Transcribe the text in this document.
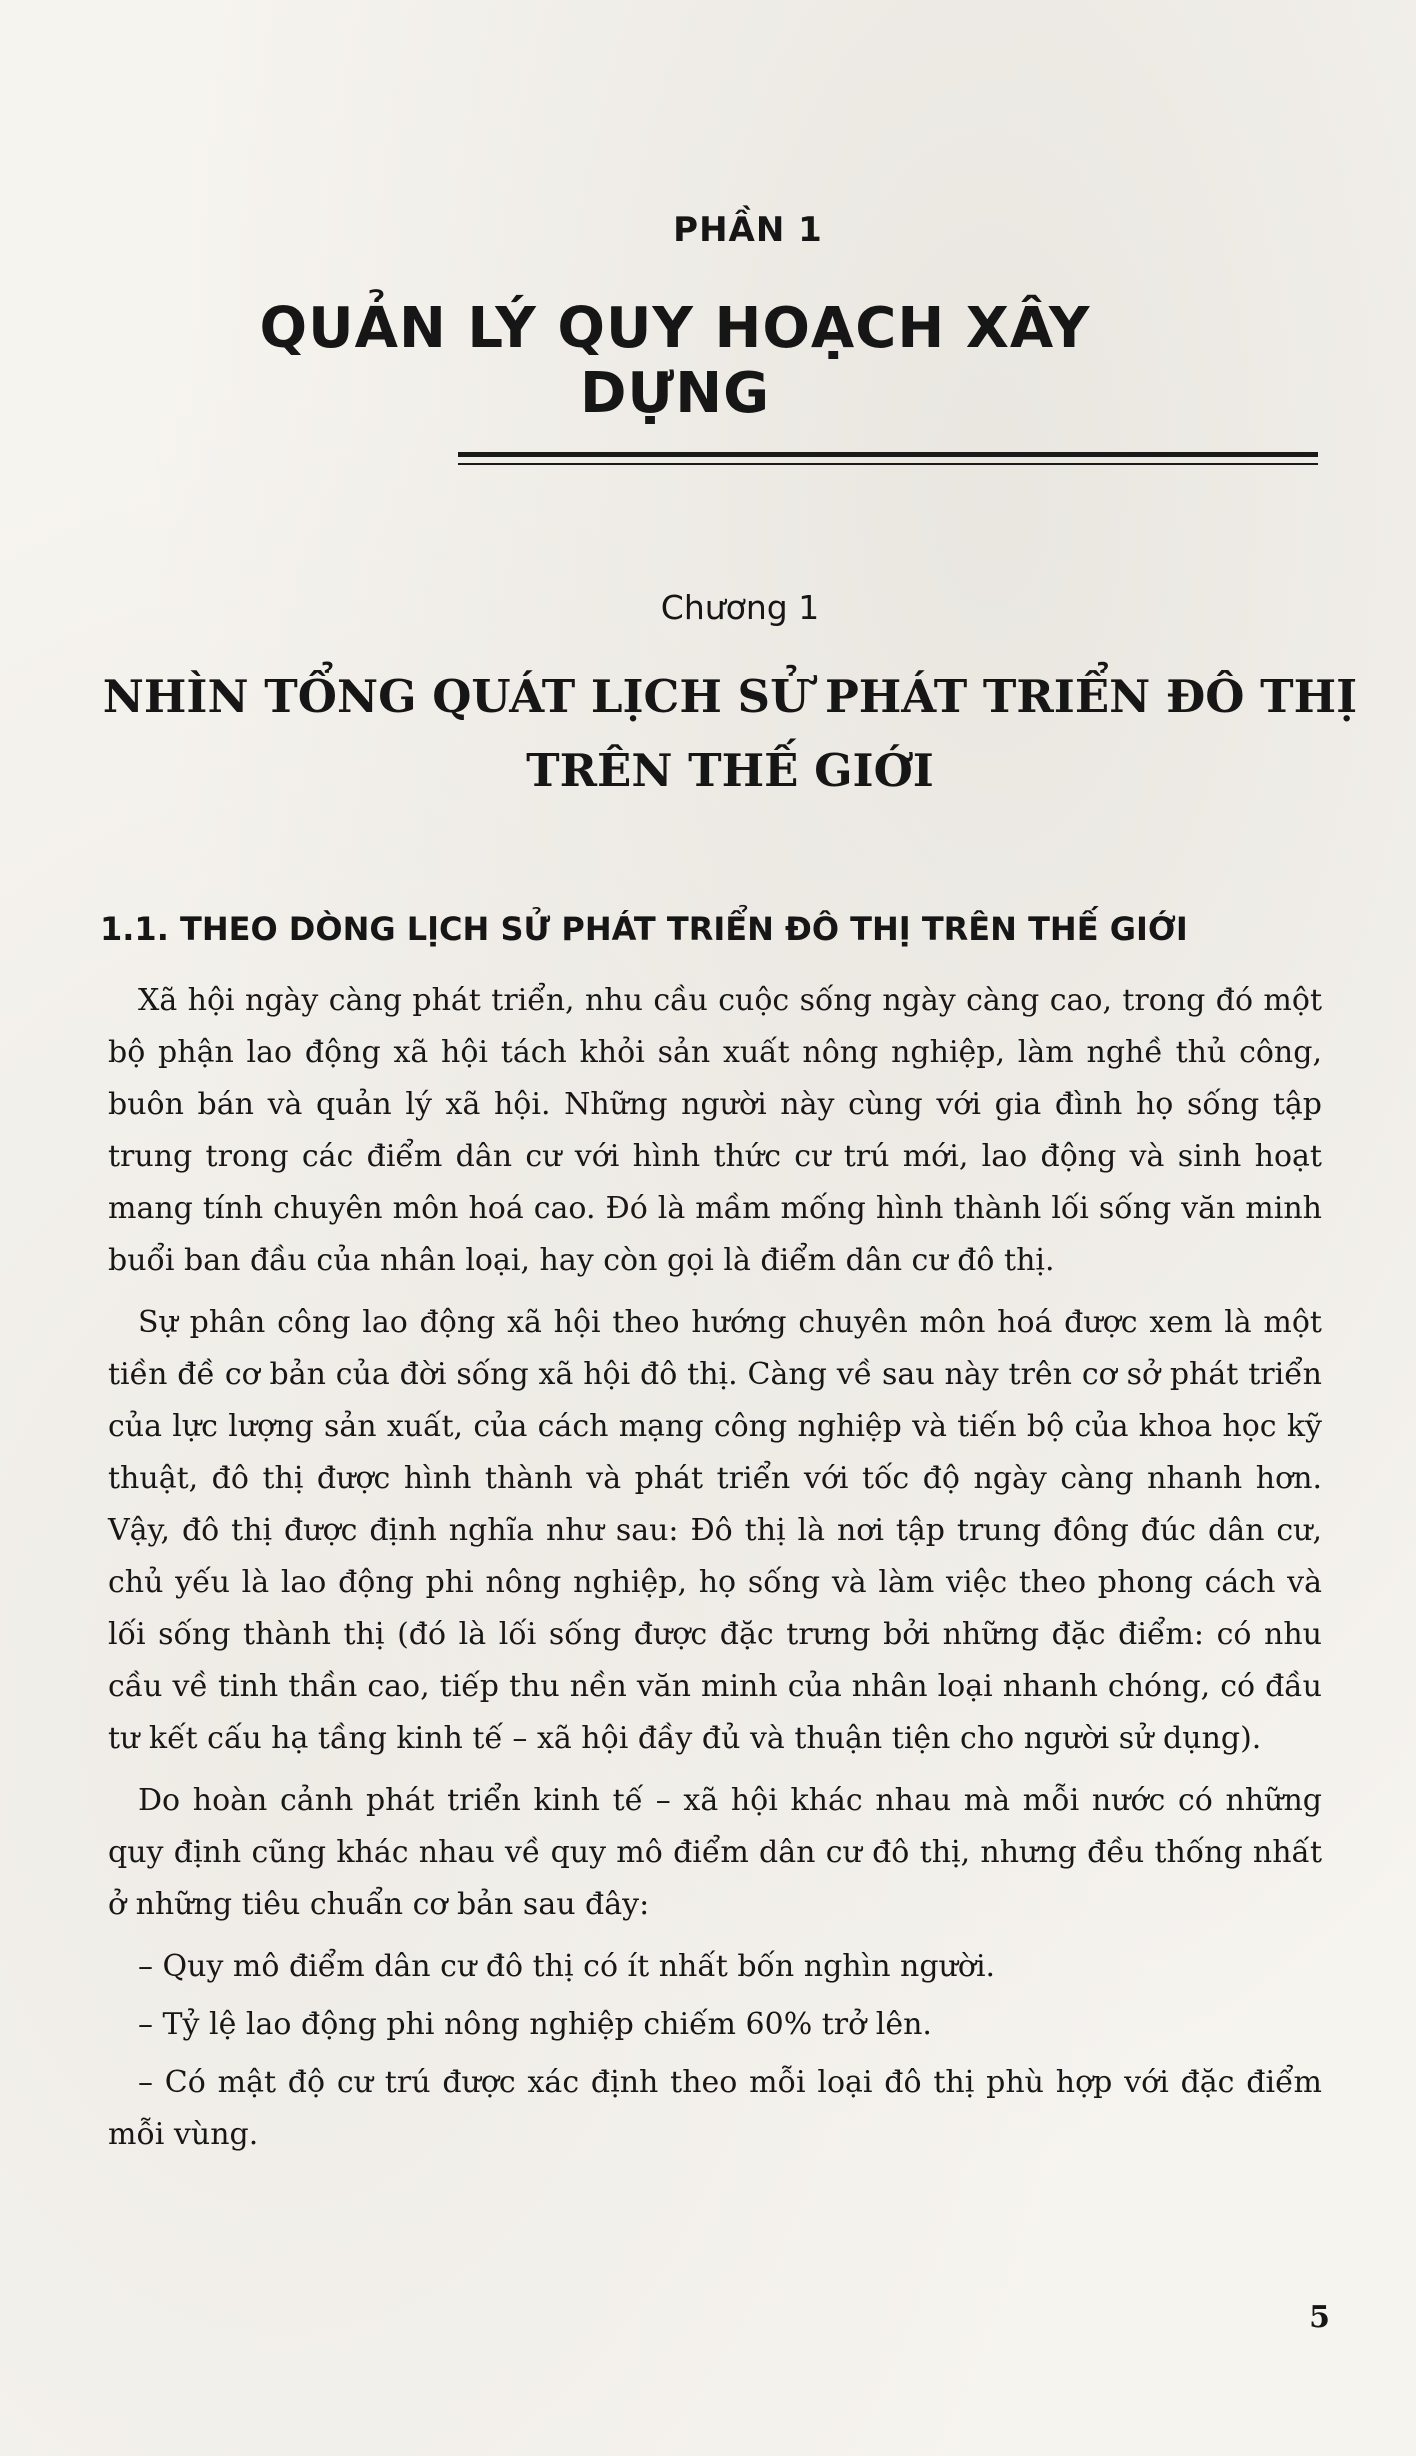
PHẦN 1
QUẢN LÝ QUY HOẠCH XÂY DỰNG
Chương 1
NHÌN TỔNG QUÁT LỊCH SỬ PHÁT TRIỂN ĐÔ THỊ
TRÊN THẾ GIỚI
1.1. THEO DÒNG LỊCH SỬ PHÁT TRIỂN ĐÔ THỊ TRÊN THẾ GIỚI

Xã hội ngày càng phát triển, nhu cầu cuộc sống ngày càng cao, trong đó một bộ phận lao động xã hội tách khỏi sản xuất nông nghiệp, làm nghề thủ công, buôn bán và quản lý xã hội. Những người này cùng với gia đình họ sống tập trung trong các điểm dân cư với hình thức cư trú mới, lao động và sinh hoạt mang tính chuyên môn hoá cao. Đó là mầm mống hình thành lối sống văn minh buổi ban đầu của nhân loại, hay còn gọi là điểm dân cư đô thị.

Sự phân công lao động xã hội theo hướng chuyên môn hoá được xem là một tiền đề cơ bản của đời sống xã hội đô thị. Càng về sau này trên cơ sở phát triển của lực lượng sản xuất, của cách mạng công nghiệp và tiến bộ của khoa học kỹ thuật, đô thị được hình thành và phát triển với tốc độ ngày càng nhanh hơn. Vậy, đô thị được định nghĩa như sau: Đô thị là nơi tập trung đông đúc dân cư, chủ yếu là lao động phi nông nghiệp, họ sống và làm việc theo phong cách và lối sống thành thị (đó là lối sống được đặc trưng bởi những đặc điểm: có nhu cầu về tinh thần cao, tiếp thu nền văn minh của nhân loại nhanh chóng, có đầu tư kết cấu hạ tầng kinh tế – xã hội đầy đủ và thuận tiện cho người sử dụng).

Do hoàn cảnh phát triển kinh tế – xã hội khác nhau mà mỗi nước có những quy định cũng khác nhau về quy mô điểm dân cư đô thị, nhưng đều thống nhất ở những tiêu chuẩn cơ bản sau đây:

– Quy mô điểm dân cư đô thị có ít nhất bốn nghìn người.

– Tỷ lệ lao động phi nông nghiệp chiếm 60% trở lên.

– Có mật độ cư trú được xác định theo mỗi loại đô thị phù hợp với đặc điểm mỗi vùng.

5
